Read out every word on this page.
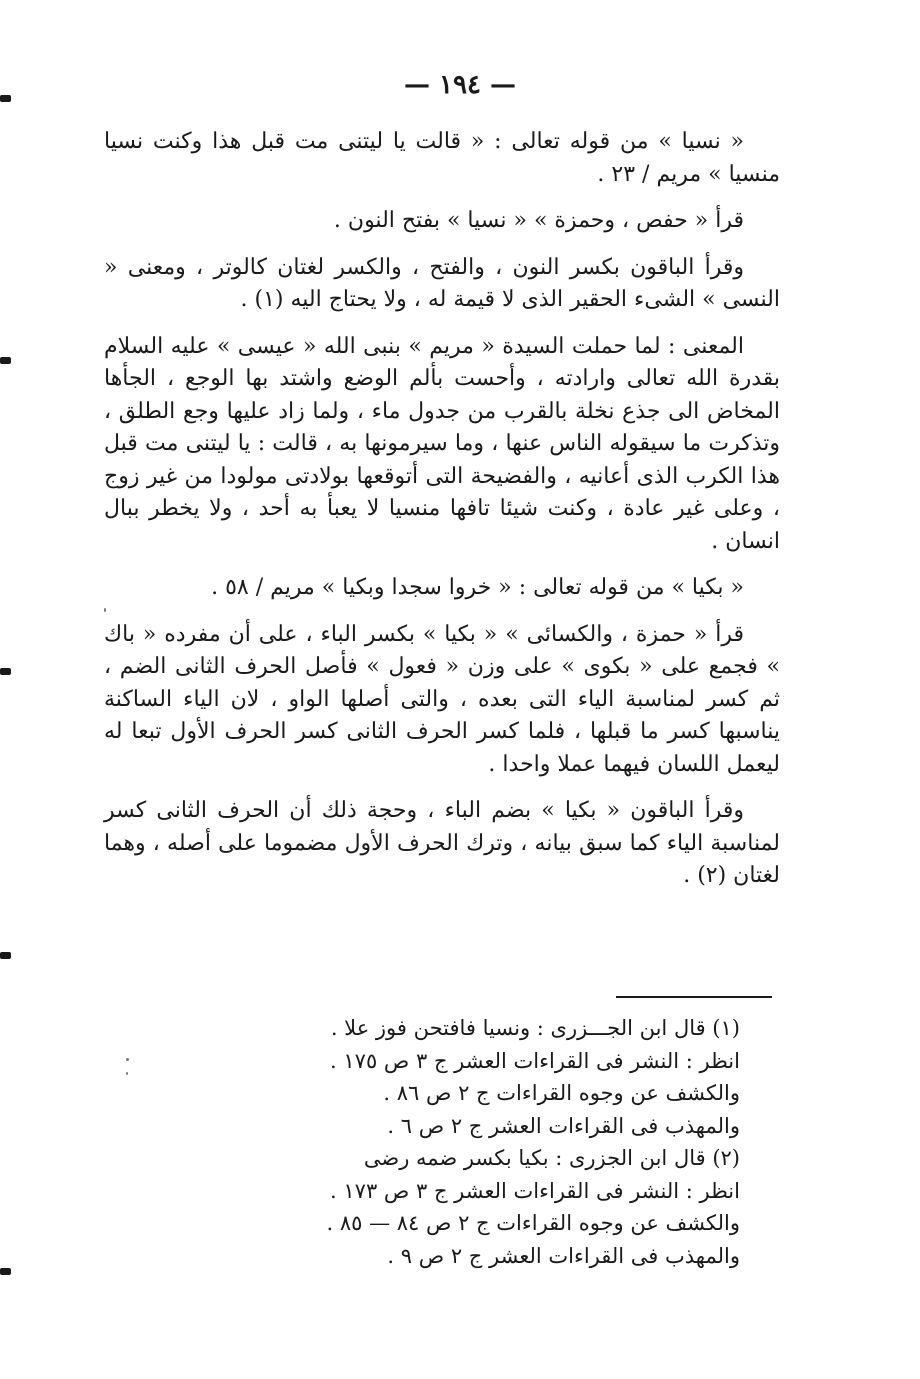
— ١٩٤ —

« نسيا » من قوله تعالى : « قالت يا ليتنى مت قبل هذا وكنت نسيا منسيا » مريم / ٢٣ .

قرأ « حفص ، وحمزة » « نسيا » بفتح النون .

وقرأ الباقون بكسر النون ، والفتح ، والكسر لغتان كالوتر ، ومعنى « النسى » الشىء الحقير الذى لا قيمة له ، ولا يحتاج اليه (١) .

المعنى : لما حملت السيدة « مريم » بنبى الله « عيسى » عليه السلام بقدرة الله تعالى وارادته ، وأحست بألم الوضع واشتد بها الوجع ، الجأها المخاض الى جذع نخلة بالقرب من جدول ماء ، ولما زاد عليها وجع الطلق ، وتذكرت ما سيقوله الناس عنها ، وما سيرمونها به ، قالت : يا ليتنى مت قبل هذا الكرب الذى أعانيه ، والفضيحة التى أتوقعها بولادتى مولودا من غير زوج ، وعلى غير عادة ، وكنت شيئا تافها منسيا لا يعبأ به أحد ، ولا يخطر ببال انسان .

« بكيا » من قوله تعالى : « خروا سجدا وبكيا » مريم / ٥٨ .

قرأ « حمزة ، والكسائى » « بكيا » بكسر الباء ، على أن مفرده « باك » فجمع على « بكوى » على وزن « فعول » فأصل الحرف الثانى الضم ، ثم كسر لمناسبة الياء التى بعده ، والتى أصلها الواو ، لان الياء الساكنة يناسبها كسر ما قبلها ، فلما كسر الحرف الثانى كسر الحرف الأول تبعا له ليعمل اللسان فيهما عملا واحدا .

وقرأ الباقون « بكيا » بضم الباء ، وحجة ذلك أن الحرف الثانى كسر لمناسبة الياء كما سبق بيانه ، وترك الحرف الأول مضموما على أصله ، وهما لغتان (٢) .

(١) قال ابن الجـــزرى : ونسيا فافتحن فوز علا .

انظر : النشر فى القراءات العشر ج ٣ ص ١٧٥ .

والكشف عن وجوه القراءات ج ٢ ص ٨٦ .

والمهذب فى القراءات العشر ج ٢ ص ٦ .

(٢) قال ابن الجزرى : بكيا بكسر ضمه رضى

انظر : النشر فى القراءات العشر ج ٣ ص ١٧٣ .

والكشف عن وجوه القراءات ج ٢ ص ٨٤ — ٨٥ .

والمهذب فى القراءات العشر ج ٢ ص ٩ .
